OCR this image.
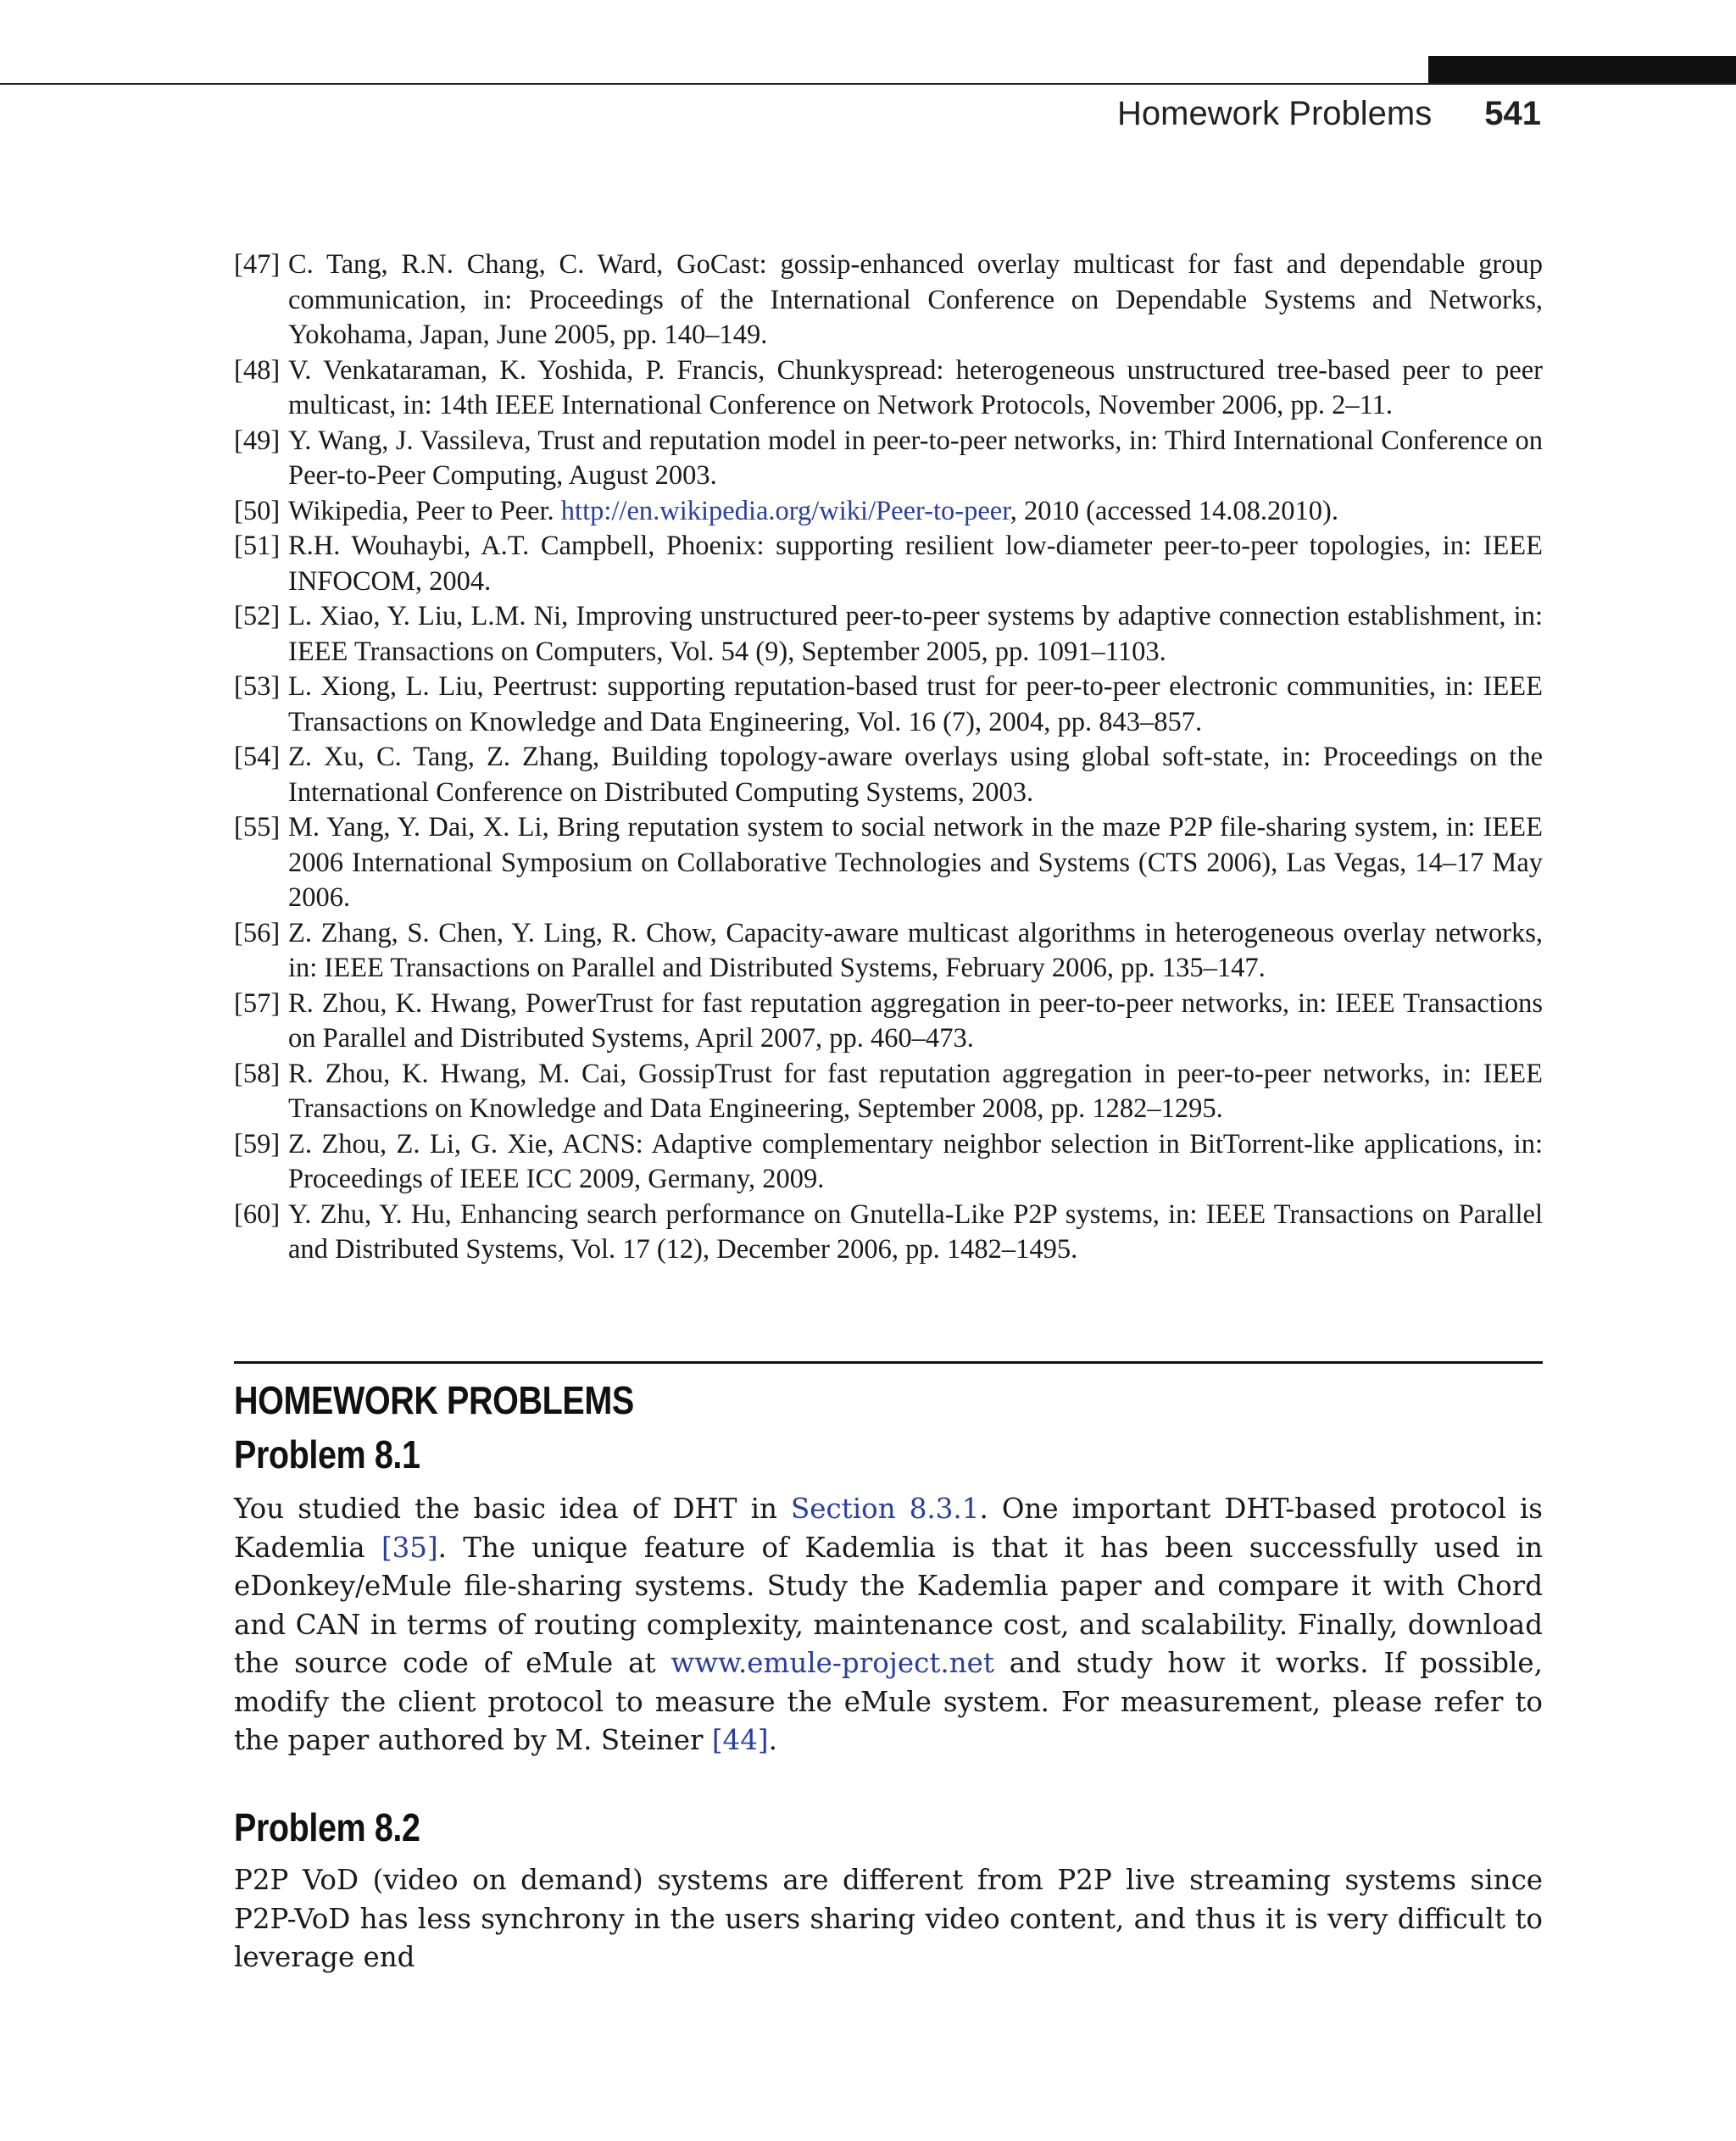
Homework Problems 541
[47] C. Tang, R.N. Chang, C. Ward, GoCast: gossip-enhanced overlay multicast for fast and dependable group communication, in: Proceedings of the International Conference on Dependable Systems and Networks, Yokohama, Japan, June 2005, pp. 140–149.
[48] V. Venkataraman, K. Yoshida, P. Francis, Chunkyspread: heterogeneous unstructured tree-based peer to peer multicast, in: 14th IEEE International Conference on Network Protocols, November 2006, pp. 2–11.
[49] Y. Wang, J. Vassileva, Trust and reputation model in peer-to-peer networks, in: Third International Conference on Peer-to-Peer Computing, August 2003.
[50] Wikipedia, Peer to Peer. http://en.wikipedia.org/wiki/Peer-to-peer, 2010 (accessed 14.08.2010).
[51] R.H. Wouhaybi, A.T. Campbell, Phoenix: supporting resilient low-diameter peer-to-peer topologies, in: IEEE INFOCOM, 2004.
[52] L. Xiao, Y. Liu, L.M. Ni, Improving unstructured peer-to-peer systems by adaptive connection establishment, in: IEEE Transactions on Computers, Vol. 54 (9), September 2005, pp. 1091–1103.
[53] L. Xiong, L. Liu, Peertrust: supporting reputation-based trust for peer-to-peer electronic communities, in: IEEE Transactions on Knowledge and Data Engineering, Vol. 16 (7), 2004, pp. 843–857.
[54] Z. Xu, C. Tang, Z. Zhang, Building topology-aware overlays using global soft-state, in: Proceedings on the International Conference on Distributed Computing Systems, 2003.
[55] M. Yang, Y. Dai, X. Li, Bring reputation system to social network in the maze P2P file-sharing system, in: IEEE 2006 International Symposium on Collaborative Technologies and Systems (CTS 2006), Las Vegas, 14–17 May 2006.
[56] Z. Zhang, S. Chen, Y. Ling, R. Chow, Capacity-aware multicast algorithms in heterogeneous overlay networks, in: IEEE Transactions on Parallel and Distributed Systems, February 2006, pp. 135–147.
[57] R. Zhou, K. Hwang, PowerTrust for fast reputation aggregation in peer-to-peer networks, in: IEEE Transactions on Parallel and Distributed Systems, April 2007, pp. 460–473.
[58] R. Zhou, K. Hwang, M. Cai, GossipTrust for fast reputation aggregation in peer-to-peer networks, in: IEEE Transactions on Knowledge and Data Engineering, September 2008, pp. 1282–1295.
[59] Z. Zhou, Z. Li, G. Xie, ACNS: Adaptive complementary neighbor selection in BitTorrent-like applications, in: Proceedings of IEEE ICC 2009, Germany, 2009.
[60] Y. Zhu, Y. Hu, Enhancing search performance on Gnutella-Like P2P systems, in: IEEE Transactions on Parallel and Distributed Systems, Vol. 17 (12), December 2006, pp. 1482–1495.
HOMEWORK PROBLEMS
Problem 8.1

You studied the basic idea of DHT in Section 8.3.1. One important DHT-based protocol is Kademlia [35]. The unique feature of Kademlia is that it has been successfully used in eDonkey/eMule file-sharing systems. Study the Kademlia paper and compare it with Chord and CAN in terms of routing complexity, maintenance cost, and scalability. Finally, download the source code of eMule at www.emule-project.net and study how it works. If possible, modify the client protocol to measure the eMule system. For measurement, please refer to the paper authored by M. Steiner [44].

Problem 8.2

P2P VoD (video on demand) systems are different from P2P live streaming systems since P2P-VoD has less synchrony in the users sharing video content, and thus it is very difficult to leverage end
